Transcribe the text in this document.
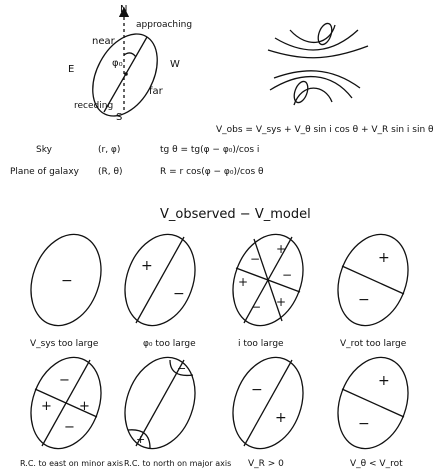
N
S
E	W
near
far
approaching
receding
φ₀
V_obs = V_sys + V_θ sin i cos θ + V_R sin i sin θ
Sky	(r, φ)	tg θ = tg(φ − φ₀)/cos i
Plane of galaxy (R, θ)	R = r cos(φ − φ₀)/cos θ
V_observed − V_model
−
V_sys too large
+
−
φ₀ too large
+
−
+	−
+
−
i too large
+
−
V_rot too large
−
+
+
−
R.C. to east on minor axis
−
+
R.C. to north on major axis
−
+
V_R > 0
+
−
V_θ < V_rot
